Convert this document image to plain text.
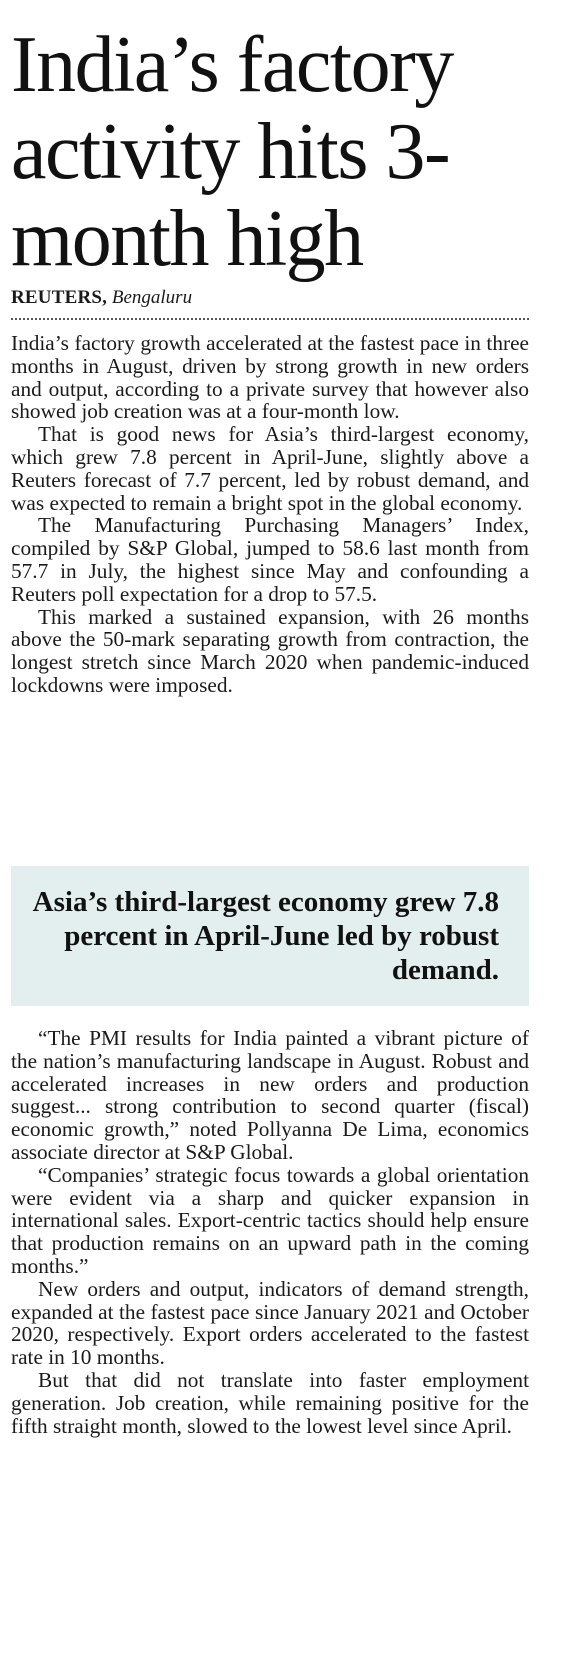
India’s factory activity hits 3-month high
REUTERS, Bengaluru

India’s factory growth accelerated at the fastest pace in three months in August, driven by strong growth in new orders and output, according to a private survey that however also showed job creation was at a four-month low.

That is good news for Asia’s third-largest economy, which grew 7.8 percent in April-June, slightly above a Reuters forecast of 7.7 percent, led by robust demand, and was expected to remain a bright spot in the global economy.

The Manufacturing Purchasing Managers’ Index, compiled by S&P Global, jumped to 58.6 last month from 57.7 in July, the highest since May and confounding a Reuters poll expectation for a drop to 57.5.

This marked a sustained expansion, with 26 months above the 50-mark separating growth from contraction, the longest stretch since March 2020 when pandemic-induced lockdowns were imposed.

Asia’s third-largest economy grew 7.8 percent in April-June led by robust demand.

“The PMI results for India painted a vibrant picture of the nation’s manufacturing landscape in August. Robust and accelerated increases in new orders and production suggest... strong contribution to second quarter (fiscal) economic growth,” noted Pollyanna De Lima, economics associate director at S&P Global.

“Companies’ strategic focus towards a global orientation were evident via a sharp and quicker expansion in international sales. Export-centric tactics should help ensure that production remains on an upward path in the coming months.”

New orders and output, indicators of demand strength, expanded at the fastest pace since January 2021 and October 2020, respectively. Export orders accelerated to the fastest rate in 10 months.

But that did not translate into faster employment generation. Job creation, while remaining positive for the fifth straight month, slowed to the lowest level since April.
